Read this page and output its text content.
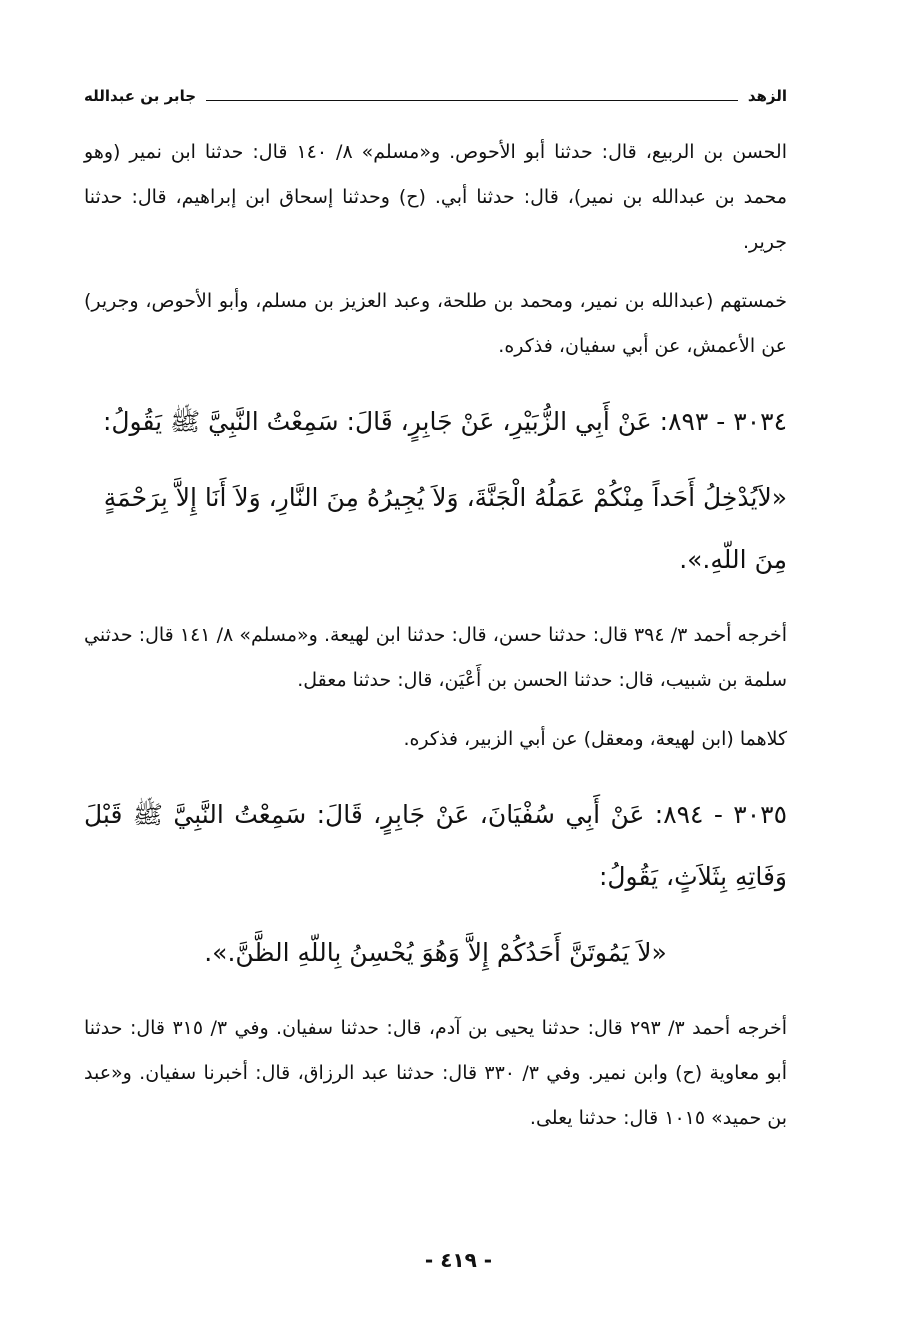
الزهد
جابر بن عبدالله

الحسن بن الربيع، قال: حدثنا أبو الأحوص. و«مسلم» ٨/ ١٤٠ قال: حدثنا ابن نمير (وهو محمد بن عبدالله بن نمير)، قال: حدثنا أبي. (ح) وحدثنا إسحاق ابن إبراهيم، قال: حدثنا جرير.

خمستهم (عبدالله بن نمير، ومحمد بن طلحة، وعبد العزيز بن مسلم، وأبو الأحوص، وجرير) عن الأعمش، عن أبي سفيان، فذكره.

٣٠٣٤ - ٨٩٣: عَنْ أَبِي الزُّبَيْرِ، عَنْ جَابِرٍ، قَالَ: سَمِعْتُ النَّبِيَّ ﷺ يَقُولُ:

«لاَيُدْخِلُ أَحَداً مِنْكُمْ عَمَلُهُ الْجَنَّةَ، وَلاَ يُجِيرُهُ مِنَ النَّارِ، وَلاَ أَنَا إِلاَّ بِرَحْمَةٍ مِنَ اللّهِ.».

أخرجه أحمد ٣/ ٣٩٤ قال: حدثنا حسن، قال: حدثنا ابن لهيعة. و«مسلم» ٨/ ١٤١ قال: حدثني سلمة بن شبيب، قال: حدثنا الحسن بن أَعْيَن، قال: حدثنا معقل.

كلاهما (ابن لهيعة، ومعقل) عن أبي الزبير، فذكره.

٣٠٣٥ - ٨٩٤: عَنْ أَبِي سُفْيَانَ، عَنْ جَابِرٍ، قَالَ: سَمِعْتُ النَّبِيَّ ﷺ قَبْلَ وَفَاتِهِ بِثَلاَثٍ، يَقُولُ:

«لاَ يَمُوتَنَّ أَحَدُكُمْ إِلاَّ وَهُوَ يُحْسِنُ بِاللّهِ الظَّنَّ.».

أخرجه أحمد ٣/ ٢٩٣ قال: حدثنا يحيى بن آدم، قال: حدثنا سفيان. وفي ٣/ ٣١٥ قال: حدثنا أبو معاوية (ح) وابن نمير. وفي ٣/ ٣٣٠ قال: حدثنا عبد الرزاق، قال: أخبرنا سفيان. و«عبد بن حميد» ١٠١٥ قال: حدثنا يعلى.

- ٤١٩ -
